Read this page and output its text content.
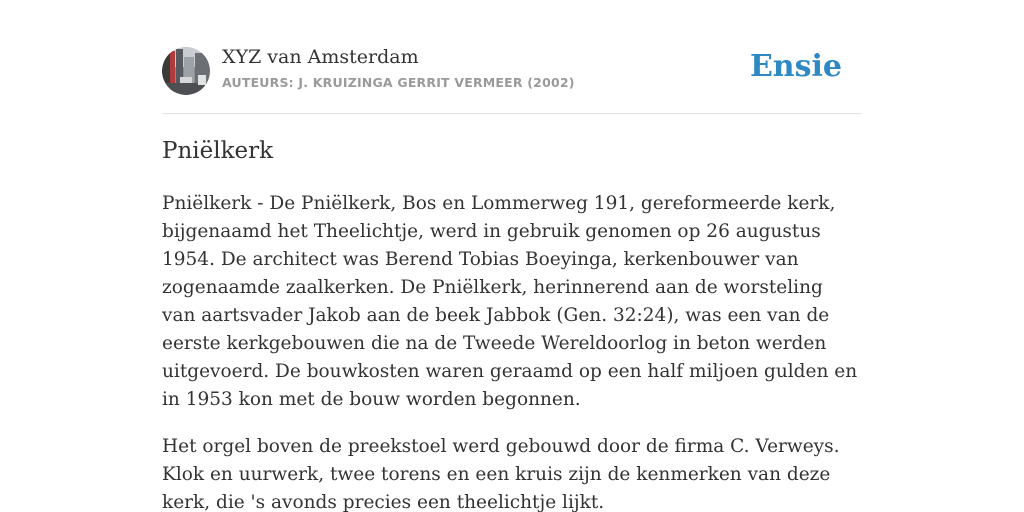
XYZ van Amsterdam
AUTEURS: J. KRUIZINGA GERRIT VERMEER (2002)	Ensie
Pniëlkerk

Pniëlkerk - De Pniëlkerk, Bos en Lommerweg 191, gereformeerde kerk, bijgenaamd het Theelichtje, werd in gebruik genomen op 26 augustus 1954. De architect was Berend Tobias Boeyinga, kerkenbouwer van zogenaamde zaalkerken. De Pniëlkerk, herinnerend aan de worsteling van aartsvader Jakob aan de beek Jabbok (Gen. 32:24), was een van de eerste kerkgebouwen die na de Tweede Wereldoorlog in beton werden uitgevoerd. De bouwkosten waren geraamd op een half miljoen gulden en in 1953 kon met de bouw worden begonnen.

Het orgel boven de preekstoel werd gebouwd door de firma C. Verweys. Klok en uurwerk, twee torens en een kruis zijn de kenmerken van deze kerk, die 's avonds precies een theelichtje lijkt.
